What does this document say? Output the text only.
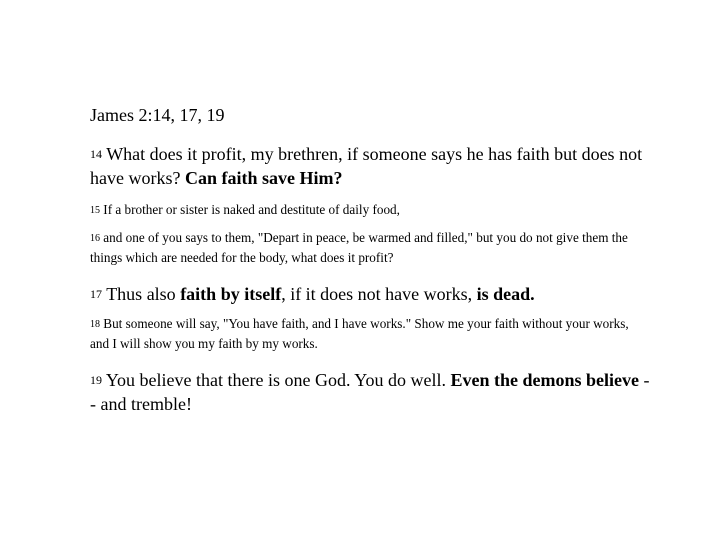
James 2:14, 17, 19

$^{14}$ What does it profit, my brethren, if someone says he has faith but does not have works? Can faith save Him?

$^{15}$ If a brother or sister is naked and destitute of daily food,

$^{16}$ and one of you says to them, "Depart in peace, be warmed and filled," but you do not give them the things which are needed for the body, what does it profit?

$^{17}$ Thus also faith by itself, if it does not have works, is dead.

$^{18}$ But someone will say, "You have faith, and I have works." Show me your faith without your works, and I will show you my faith by my works.

$^{19}$ You believe that there is one God. You do well. Even the demons believe -- and tremble!
